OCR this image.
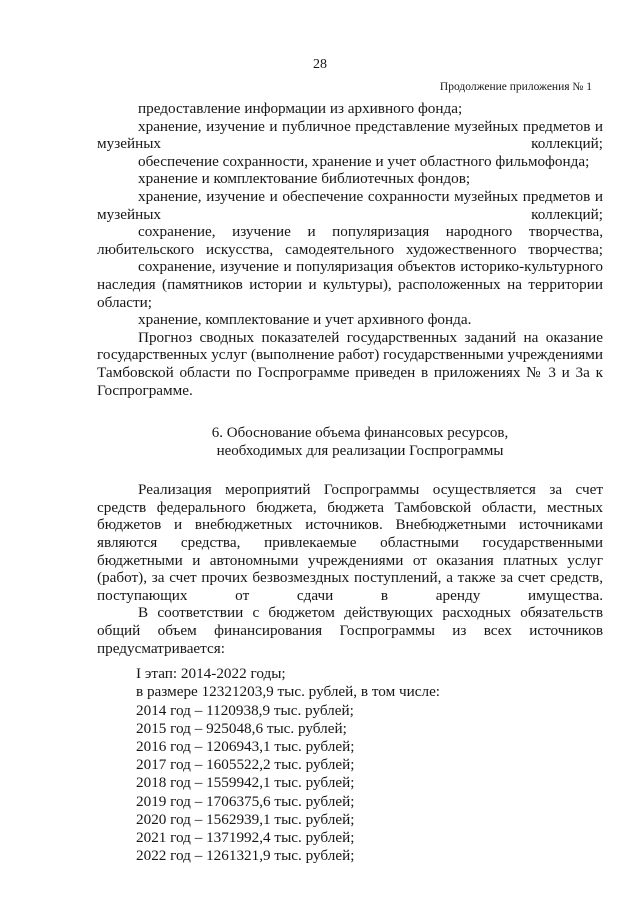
28
Продолжение приложения № 1

предоставление информации из архивного фонда;

хранение, изучение и публичное представление музейных предметов и музейных коллекций;

обеспечение сохранности, хранение и учет областного фильмофонда;

хранение и комплектование библиотечных фондов;

хранение, изучение и обеспечение сохранности музейных предметов и музейных коллекций;

сохранение, изучение и популяризация народного творчества, любительского искусства, самодеятельного художественного творчества;

сохранение, изучение и популяризация объектов историко-культурного наследия (памятников истории и культуры), расположенных на территории области;

хранение, комплектование и учет архивного фонда.

Прогноз сводных показателей государственных заданий на оказание государственных услуг (выполнение работ) государственными учреждениями Тамбовской области по Госпрограмме приведен в приложениях № 3 и 3а к Госпрограмме.

6. Обоснование объема финансовых ресурсов,
необходимых для реализации Госпрограммы

Реализация мероприятий Госпрограммы осуществляется за счет средств федерального бюджета, бюджета Тамбовской области, местных бюджетов и внебюджетных источников. Внебюджетными источниками являются средства, привлекаемые областными государственными бюджетными и автономными учреждениями от оказания платных услуг (работ), за счет прочих безвозмездных поступлений, а также за счет средств, поступающих от сдачи в аренду имущества.

В соответствии с бюджетом действующих расходных обязательств общий объем финансирования Госпрограммы из всех источников предусматривается:

I этап: 2014-2022 годы;

в размере 12321203,9 тыс. рублей, в том числе:

2014 год – 1120938,9 тыс. рублей;

2015 год – 925048,6 тыс. рублей;

2016 год – 1206943,1 тыс. рублей;

2017 год – 1605522,2 тыс. рублей;

2018 год – 1559942,1 тыс. рублей;

2019 год – 1706375,6 тыс. рублей;

2020 год – 1562939,1 тыс. рублей;

2021 год – 1371992,4 тыс. рублей;

2022 год – 1261321,9 тыс. рублей;
